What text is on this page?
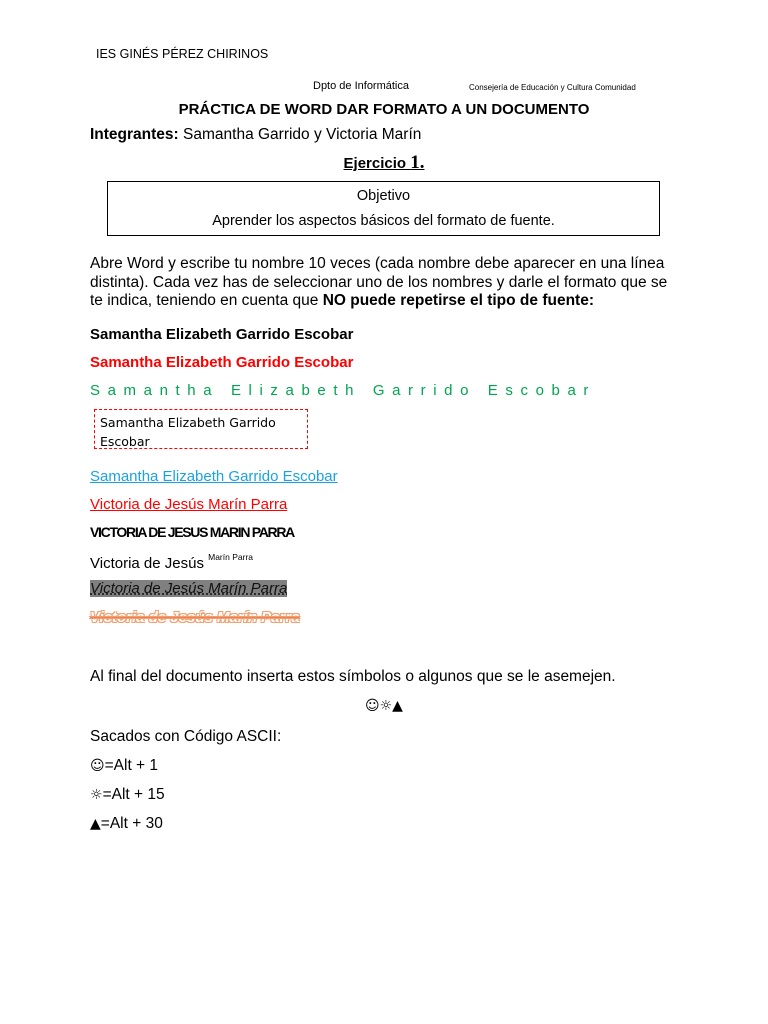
IES GINÉS PÉREZ CHIRINOS
Dpto de Informática	Consejería de Educación y Cultura Comunidad
PRÁCTICA DE WORD DAR FORMATO A UN DOCUMENTO
Integrantes: Samantha Garrido y Victoria Marín
Ejercicio 1.
Objetivo
Aprender los aspectos básicos del formato de fuente.
Abre Word y escribe tu nombre 10 veces (cada nombre debe aparecer en una línea distinta). Cada vez has de seleccionar uno de los nombres y darle el formato que se te indica, teniendo en cuenta que NO puede repetirse el tipo de fuente:
Samantha Elizabeth Garrido Escobar
Samantha Elizabeth Garrido Escobar
Samantha Elizabeth Garrido Escobar
Samantha Elizabeth Garrido Escobar
Samantha Elizabeth Garrido Escobar
Victoria de Jesús Marín Parra
VICTORIA DE JESUS MARIN PARRA
Victoria de Jesús $^{Marín Parra}$
Victoria de Jesús Marín Parra
Victoria de Jesús Marín Parra
Al final del documento inserta estos símbolos o algunos que se le asemejen.
☺☼▲
Sacados con Código ASCII:
☺=Alt + 1
☼=Alt + 15
▲=Alt + 30
